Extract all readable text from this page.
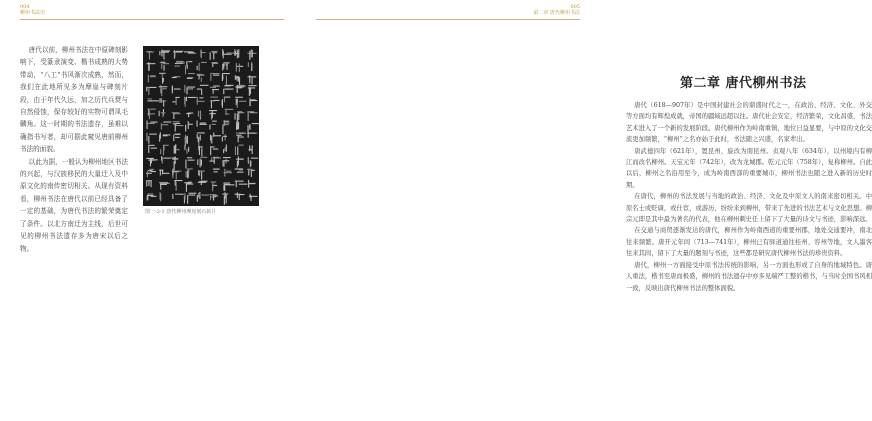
004
柳州书法史

唐代以前，柳州书法在中原碑刻影响下，受篆隶演变、楷书成熟的大势带动，“八工”书风渐次成熟，然而，我们在此地所见多为摩崖与碑刻片段，由于年代久远，加之历代兵燹与自然侵蚀，保存较好的实物可谓凤毛麟角。这一时期的书法遗存，虽难以确指书写者，却可据此窥见唐前柳州书法的面貌。

以此为据，一般认为柳州地区书法的兴起，与汉族移民的大量迁入及中原文化的南传密切相关。从现有资料看，柳州书法在唐代以前已经具备了一定的基础，为唐代书法的繁荣奠定了条件。以北方南迁为主线，后世可见的柳州书法遗存多为唐宋以后之物。

图一-2-1 唐代柳州摩崖刻石拓片
005
第二章 唐代柳州书法
第二章 唐代柳州书法

唐代（618—907年）是中国封建社会的鼎盛时代之一，在政治、经济、文化、外交等方面均有辉煌成就，帝国的疆域远超以往。唐代社会安定，经济繁荣，文化昌盛，书法艺术进入了一个新的发展阶段。唐代柳州作为岭南重镇，地位日益显要，与中原的文化交流更加频繁，“柳州”之名亦始于此时，书法随之兴盛，名家辈出。

唐武德四年（621年），置昆州，旋改为南昆州。贞观八年（634年），以州境内有柳江而改名柳州。天宝元年（742年），改为龙城郡。乾元元年（758年），复称柳州。自此以后，柳州之名沿用至今，成为岭南西部的重要城市，柳州书法也随之进入新的历史时期。

在唐代，柳州的书法发展与当地的政治、经济、文化及中原文人的南来密切相关。中原名士或贬谪，或仕宦，或游历，纷纷来到柳州，带来了先进的书法艺术与文化思想。柳宗元即是其中最为著名的代表，他在柳州刺史任上留下了大量的诗文与书迹，影响深远。

在交通与商贸逐渐发达的唐代，柳州作为岭南西道的重要州郡，地处交通要冲，南北往来频繁。唐开元年间（713—741年），柳州已有驿道通往桂州、容州等地，文人墨客往来其间，留下了大量的题刻与书迹，这些都是研究唐代柳州书法的珍贵资料。

唐代，柳州一方面接受中原书法传统的影响，另一方面也形成了自身的地域特色。唐人重法，楷书至唐而极盛，柳州的书法遗存中亦多见端严工整的楷书，与当时全国书风相一致，反映出唐代柳州书法的整体面貌。
